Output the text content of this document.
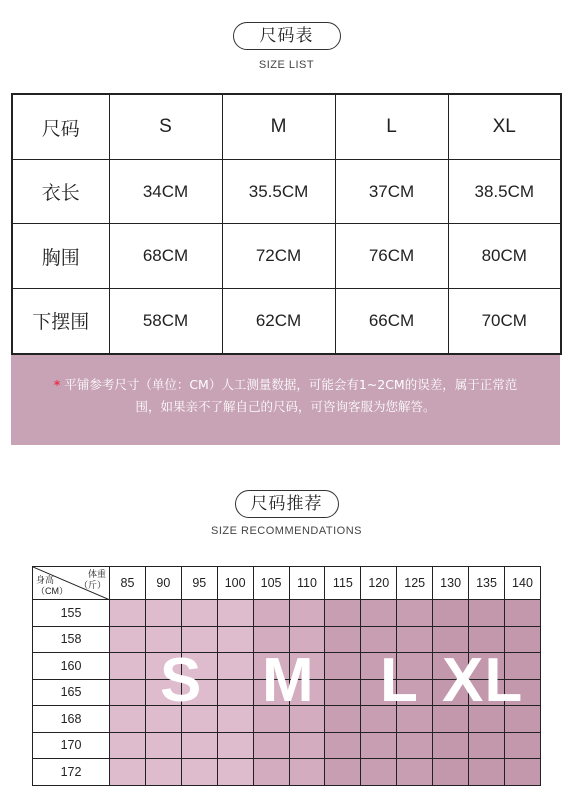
尺码表
SIZE LIST
尺码	S	M	L	XL
衣长	34CM	35.5CM	37CM	38.5CM
胸围	68CM	72CM	76CM	80CM
下摆围	58CM	62CM	66CM	70CM
* 平铺参考尺寸（单位：CM）人工测量数据，可能会有1~2CM的误差，属于正常范
围，如果亲不了解自己的尺码，可咨询客服为您解答。
尺码推荐
SIZE RECOMMENDATIONS
体重
（斤）
身高
（CM）	85	90	95	100	105	110	115	120	125	130	135	140
155												
158												
160												
165												
168												
170												
172												
S M L XL
